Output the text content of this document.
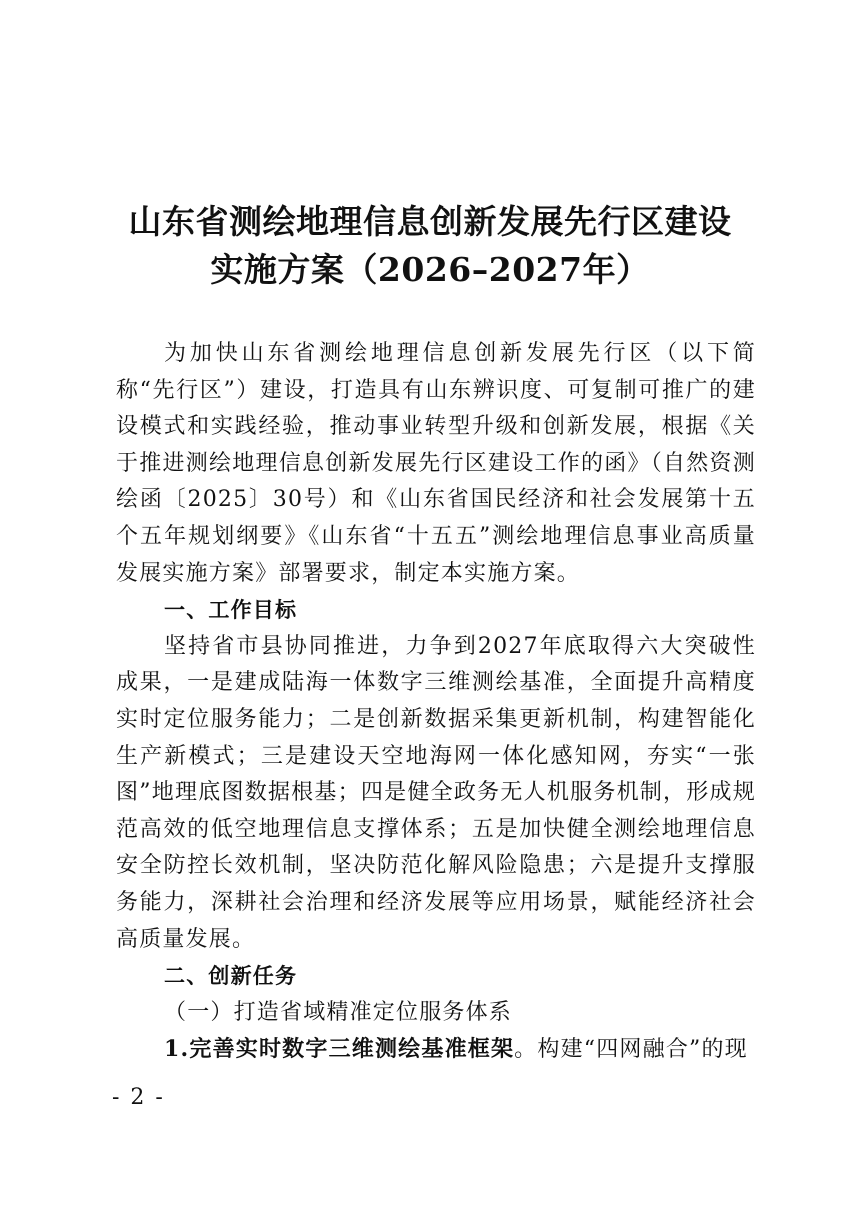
山东省测绘地理信息创新发展先行区建设
实施方案（2026–2027年）

为加快山东省测绘地理信息创新发展先行区（以下简称“先行区”）建设，打造具有山东辨识度、可复制可推广的建设模式和实践经验，推动事业转型升级和创新发展，根据《关于推进测绘地理信息创新发展先行区建设工作的函》（自然资测绘函〔2025〕30号）和《山东省国民经济和社会发展第十五个五年规划纲要》《山东省“十五五”测绘地理信息事业高质量发展实施方案》部署要求，制定本实施方案。

一、工作目标

坚持省市县协同推进，力争到2027年底取得六大突破性成果，一是建成陆海一体数字三维测绘基准，全面提升高精度实时定位服务能力；二是创新数据采集更新机制，构建智能化生产新模式；三是建设天空地海网一体化感知网，夯实“一张图”地理底图数据根基；四是健全政务无人机服务机制，形成规范高效的低空地理信息支撑体系；五是加快健全测绘地理信息安全防控长效机制，坚决防范化解风险隐患；六是提升支撑服务能力，深耕社会治理和经济发展等应用场景，赋能经济社会高质量发展。

二、创新任务

（一）打造省域精准定位服务体系

1.完善实时数字三维测绘基准框架。构建“四网融合”的现

- 2 -
